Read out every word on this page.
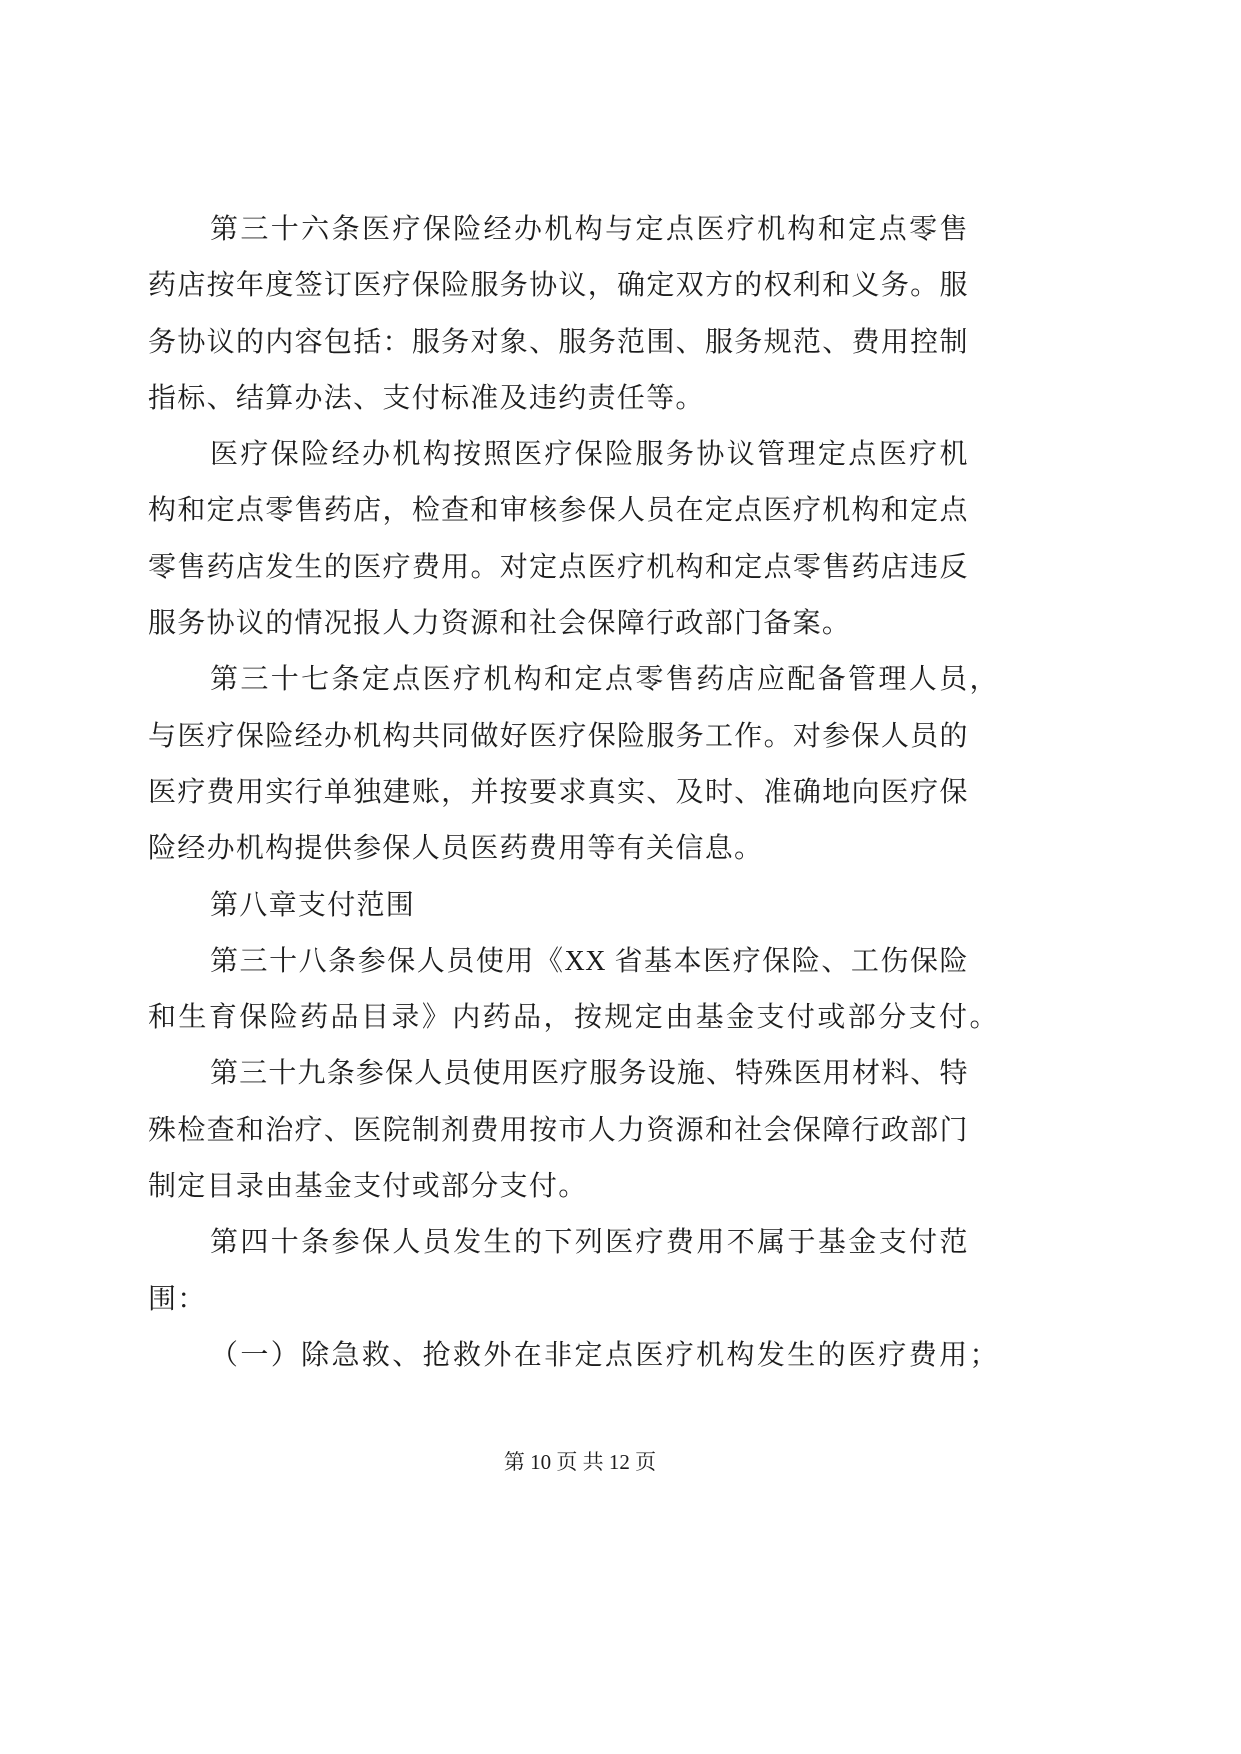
第三十六条医疗保险经办机构与定点医疗机构和定点零售
药店按年度签订医疗保险服务协议，确定双方的权利和义务。服
务协议的内容包括：服务对象、服务范围、服务规范、费用控制
指标、结算办法、支付标准及违约责任等。
医疗保险经办机构按照医疗保险服务协议管理定点医疗机
构和定点零售药店，检查和审核参保人员在定点医疗机构和定点
零售药店发生的医疗费用。对定点医疗机构和定点零售药店违反
服务协议的情况报人力资源和社会保障行政部门备案。
第三十七条定点医疗机构和定点零售药店应配备管理人员，
与医疗保险经办机构共同做好医疗保险服务工作。对参保人员的
医疗费用实行单独建账，并按要求真实、及时、准确地向医疗保
险经办机构提供参保人员医药费用等有关信息。
第八章支付范围
第三十八条参保人员使用《XX 省基本医疗保险、工伤保险
和生育保险药品目录》内药品，按规定由基金支付或部分支付。
第三十九条参保人员使用医疗服务设施、特殊医用材料、特
殊检查和治疗、医院制剂费用按市人力资源和社会保障行政部门
制定目录由基金支付或部分支付。
第四十条参保人员发生的下列医疗费用不属于基金支付范
围：
（一）除急救、抢救外在非定点医疗机构发生的医疗费用；
第 10 页 共 12 页
